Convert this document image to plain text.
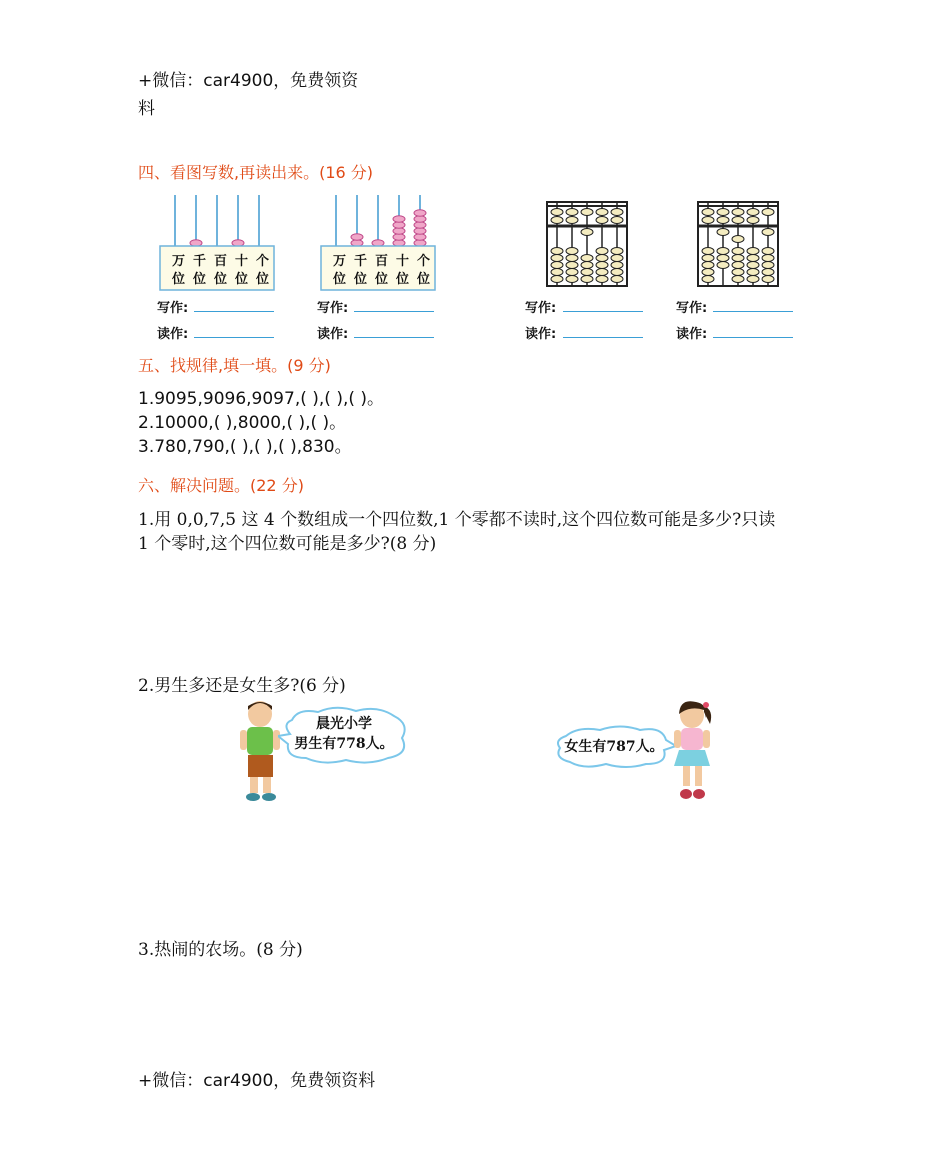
+微信：car4900，免费领资
料
四、看图写数,再读出来。(16 分)
万 千 百 十 个
位 位 位 位 位
万 千 百 十 个
位 位 位 位 位
写作:
读作:
写作:
读作:
写作:
读作:
写作:
读作:
五、找规律,填一填。(9 分)
1.9095,9096,9097,( ),( ),( )。
2.10000,( ),8000,( ),( )。
3.780,790,( ),( ),( ),830。
六、解决问题。(22 分)
1.用 0,0,7,5 这 4 个数组成一个四位数,1 个零都不读时,这个四位数可能是多少?只读
1 个零时,这个四位数可能是多少?(8 分)
2.男生多还是女生多?(6 分)
晨光小学
男生有778人。	女生有787人。
3.热闹的农场。(8 分)
+微信：car4900，免费领资料
